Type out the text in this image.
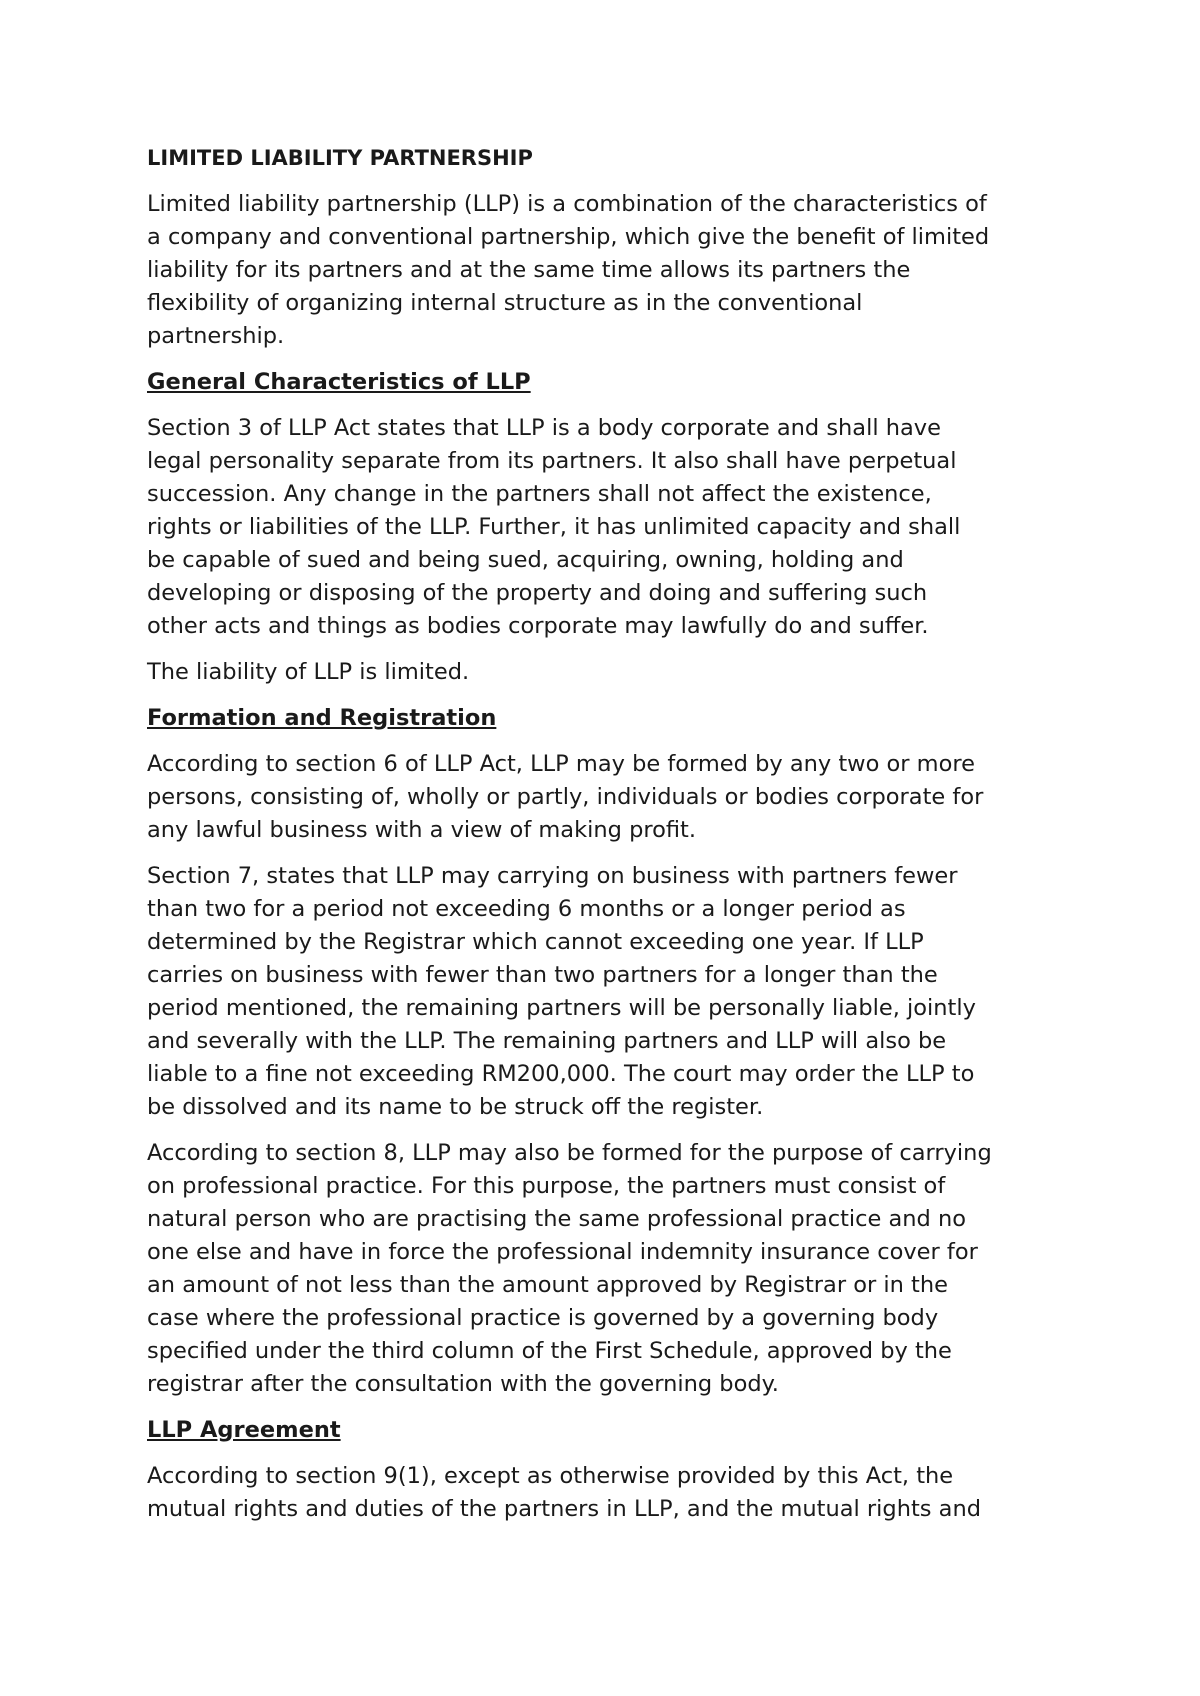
LIMITED LIABILITY PARTNERSHIP
Limited liability partnership (LLP) is a combination of the characteristics of
a company and conventional partnership, which give the benefit of limited
liability for its partners and at the same time allows its partners the
flexibility of organizing internal structure as in the conventional
partnership.
General Characteristics of LLP
Section 3 of LLP Act states that LLP is a body corporate and shall have
legal personality separate from its partners. It also shall have perpetual
succession. Any change in the partners shall not affect the existence,
rights or liabilities of the LLP. Further, it has unlimited capacity and shall
be capable of sued and being sued, acquiring, owning, holding and
developing or disposing of the property and doing and suffering such
other acts and things as bodies corporate may lawfully do and suffer.
The liability of LLP is limited.
Formation and Registration
According to section 6 of LLP Act, LLP may be formed by any two or more
persons, consisting of, wholly or partly, individuals or bodies corporate for
any lawful business with a view of making profit.
Section 7, states that LLP may carrying on business with partners fewer
than two for a period not exceeding 6 months or a longer period as
determined by the Registrar which cannot exceeding one year. If LLP
carries on business with fewer than two partners for a longer than the
period mentioned, the remaining partners will be personally liable, jointly
and severally with the LLP. The remaining partners and LLP will also be
liable to a fine not exceeding RM200,000. The court may order the LLP to
be dissolved and its name to be struck off the register.
According to section 8, LLP may also be formed for the purpose of carrying
on professional practice. For this purpose, the partners must consist of
natural person who are practising the same professional practice and no
one else and have in force the professional indemnity insurance cover for
an amount of not less than the amount approved by Registrar or in the
case where the professional practice is governed by a governing body
specified under the third column of the First Schedule, approved by the
registrar after the consultation with the governing body.
LLP Agreement
According to section 9(1), except as otherwise provided by this Act, the
mutual rights and duties of the partners in LLP, and the mutual rights and
